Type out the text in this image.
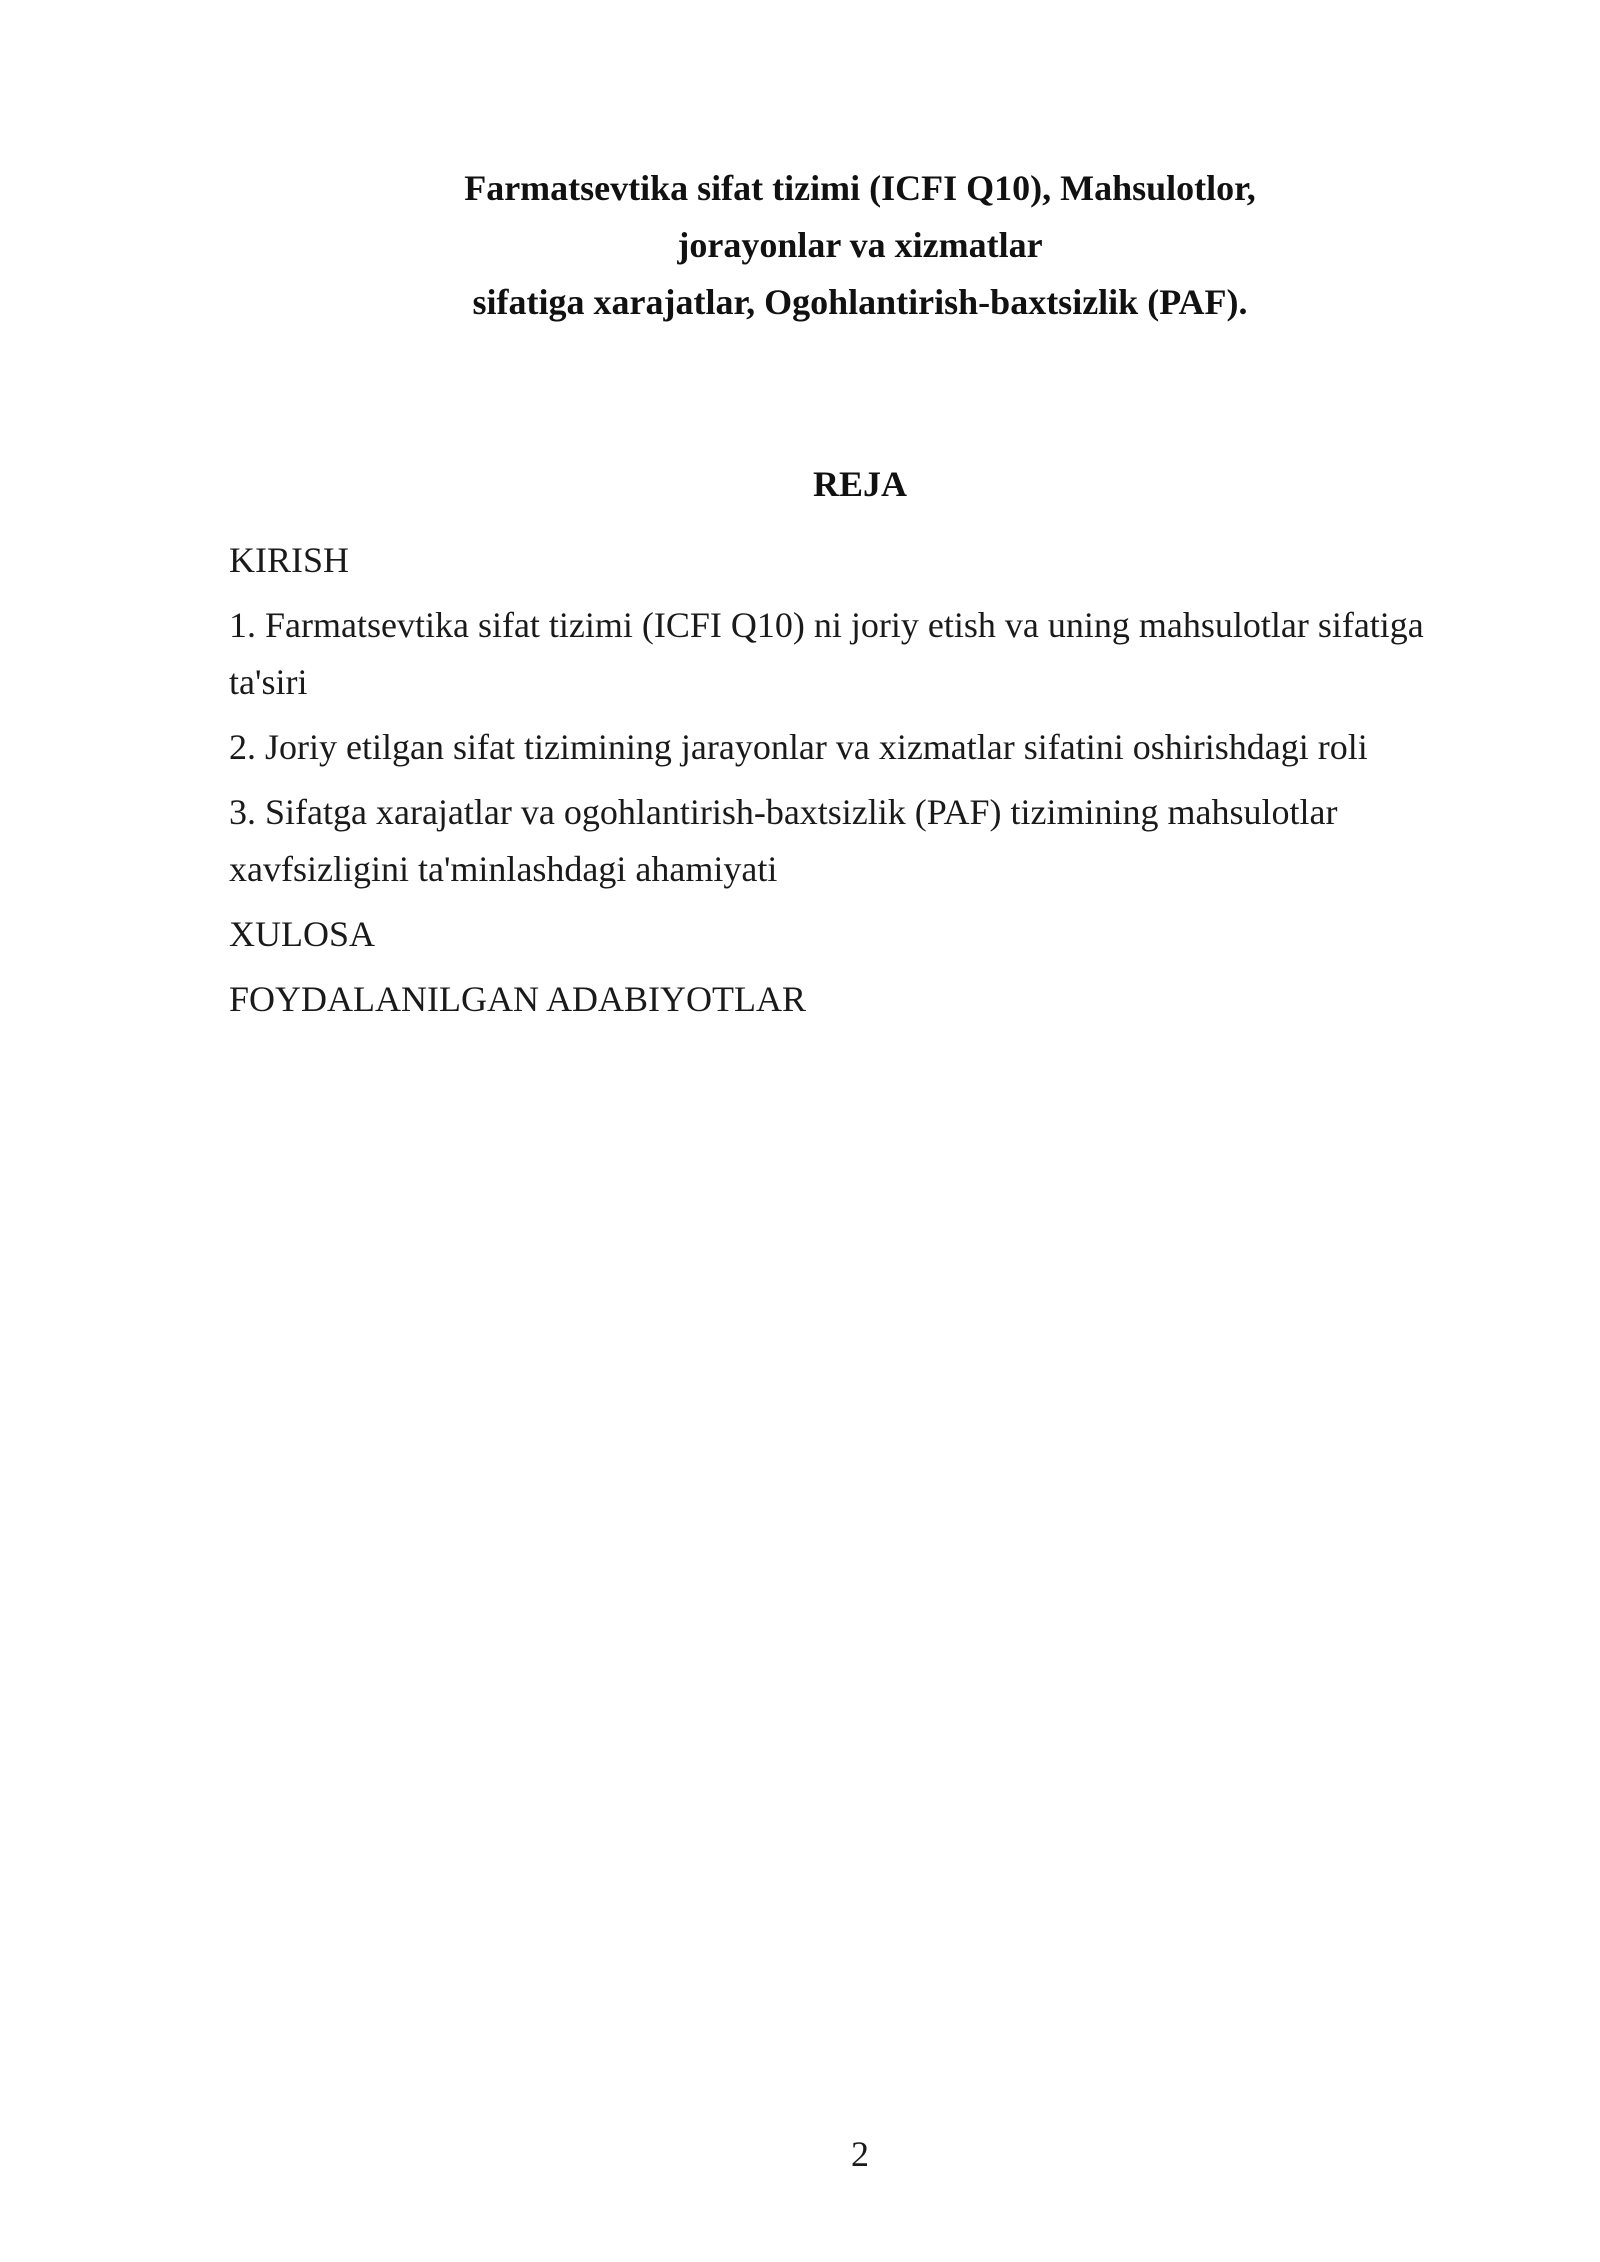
Farmatsevtika sifat tizimi (ICFI Q10), Mahsulotlor,
jorayonlar va xizmatlar
sifatiga xarajatlar, Ogohlantirish-baxtsizlik (PAF).
REJA
KIRISH
1. Farmatsevtika sifat tizimi (ICFI Q10) ni joriy etish va uning mahsulotlar sifatiga ta'siri
2. Joriy etilgan sifat tizimining jarayonlar va xizmatlar sifatini oshirishdagi roli
3. Sifatga xarajatlar va ogohlantirish-baxtsizlik (PAF) tizimining mahsulotlar xavfsizligini ta'minlashdagi ahamiyati
XULOSA
FOYDALANILGAN ADABIYOTLAR
2
